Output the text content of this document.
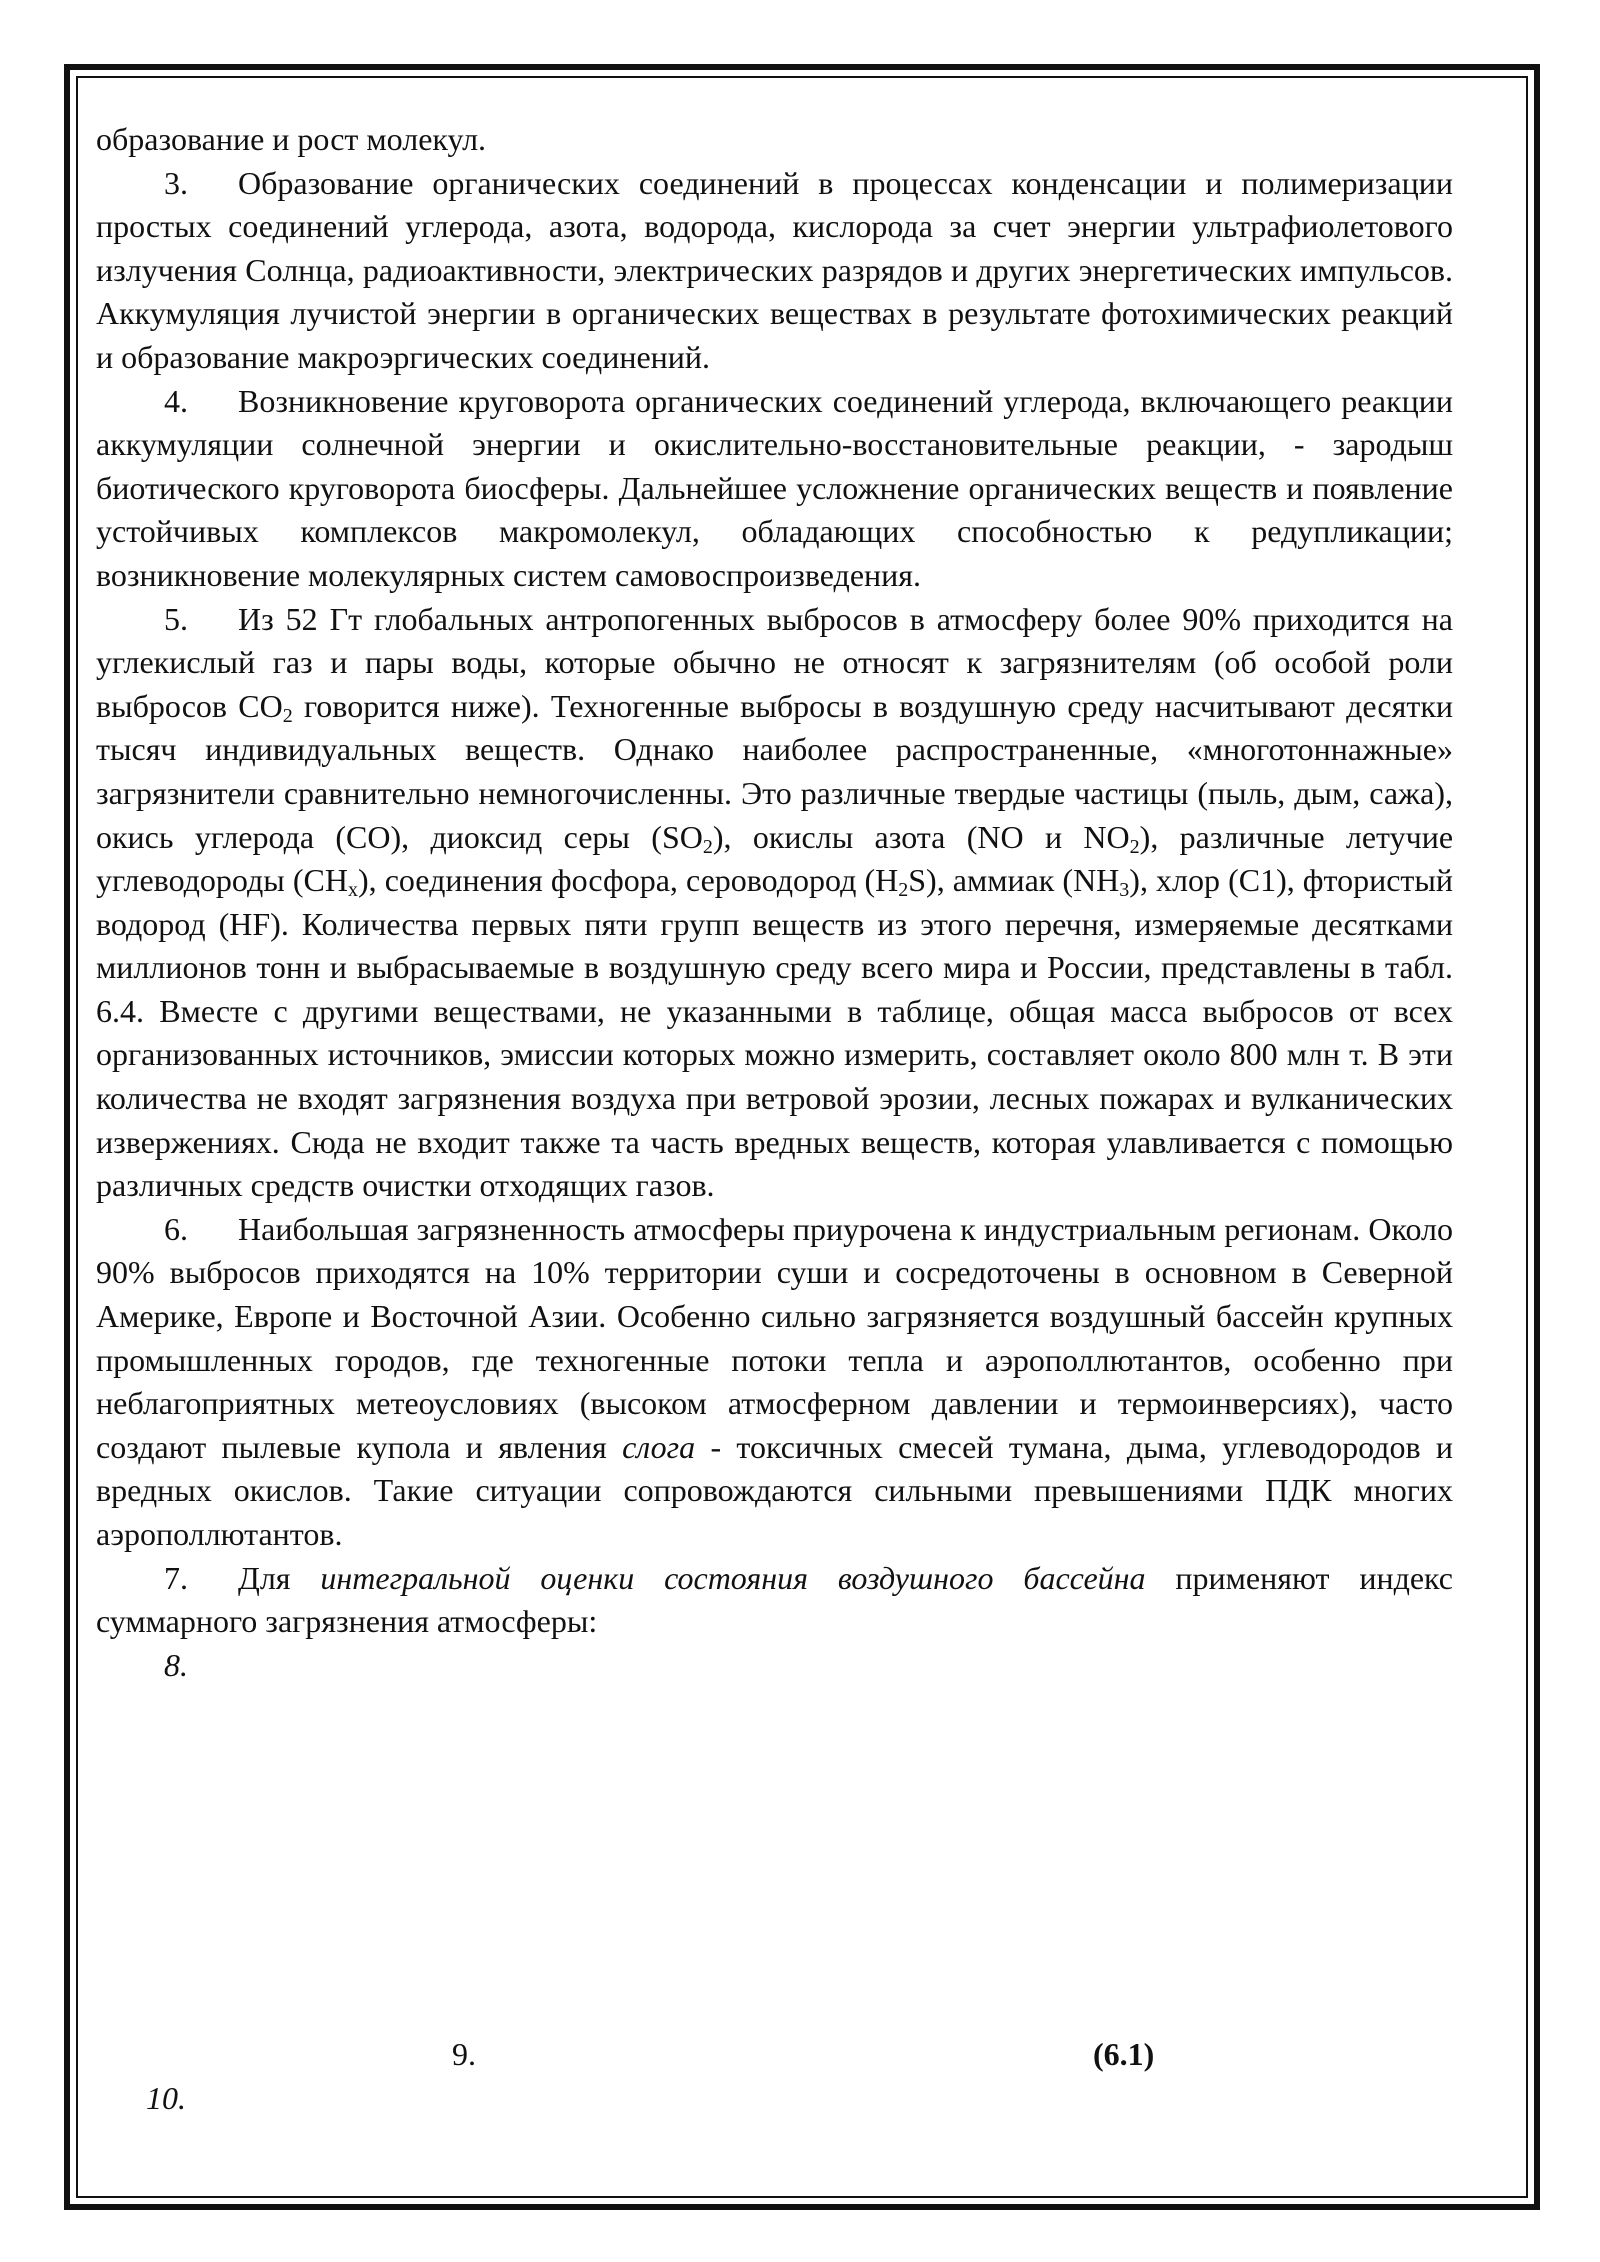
образование и рост молекул.

3. Образование органических соединений в процессах конденсации и полимеризации простых соединений углерода, азота, водорода, кислорода за счет энергии ультрафиолетового излучения Солнца, радиоактивности, электрических разрядов и других энергетических импульсов. Аккумуляция лучистой энергии в органических веществах в результате фотохимических реакций и образование макроэргических соединений.

4. Возникновение круговорота органических соединений углерода, включающего реакции аккумуляции солнечной энергии и окислительно-восстановительные реакции, - зародыш биотического круговорота биосферы. Дальнейшее усложнение органических веществ и появление устойчивых комплексов макромолекул, обладающих способностью к редупликации; возникновение молекулярных систем самовоспроизведения.

5. Из 52 Гт глобальных антропогенных выбросов в атмосферу более 90% приходится на углекислый газ и пары воды, которые обычно не относят к загрязнителям (об особой роли выбросов $CO_2$ говорится ниже). Техногенные выбросы в воздушную среду насчитывают десятки тысяч индивидуальных веществ. Однако наиболее распространенные, «многотоннажные» загрязнители сравнительно немногочисленны. Это различные твердые частицы (пыль, дым, сажа), окись углерода (CO), диоксид серы $(SO_2)$, окислы азота (NO и $NO_2$), различные летучие углеводороды $(CH_x)$, соединения фосфора, сероводород $(H_2S)$, аммиак $(NH_3)$, хлор (C1), фтористый водород (HF). Количества первых пяти групп веществ из этого перечня, измеряемые десятками миллионов тонн и выбрасываемые в воздушную среду всего мира и России, представлены в табл. 6.4. Вместе с другими веществами, не указанными в таблице, общая масса выбросов от всех организованных источников, эмиссии которых можно измерить, составляет около 800 млн т. В эти количества не входят загрязнения воздуха при ветровой эрозии, лесных пожарах и вулканических извержениях. Сюда не входит также та часть вредных веществ, которая улавливается с помощью различных средств очистки отходящих газов.

6. Наибольшая загрязненность атмосферы приурочена к индустриальным регионам. Около 90% выбросов приходятся на 10% территории суши и сосредоточены в основном в Северной Америке, Европе и Восточной Азии. Особенно сильно загрязняется воздушный бассейн крупных промышленных городов, где техногенные потоки тепла и аэрополлютантов, особенно при неблагоприятных метеоусловиях (высоком атмосферном давлении и термоинверсиях), часто создают пылевые купола и явления слога - токсичных смесей тумана, дыма, углеводородов и вредных окислов. Такие ситуации сопровождаются сильными превышениями ПДК многих аэрополлютантов.

7. Для интегральной оценки состояния воздушного бассейна применяют индекс суммарного загрязнения атмосферы:

8.

9.	(6.1)
10.
